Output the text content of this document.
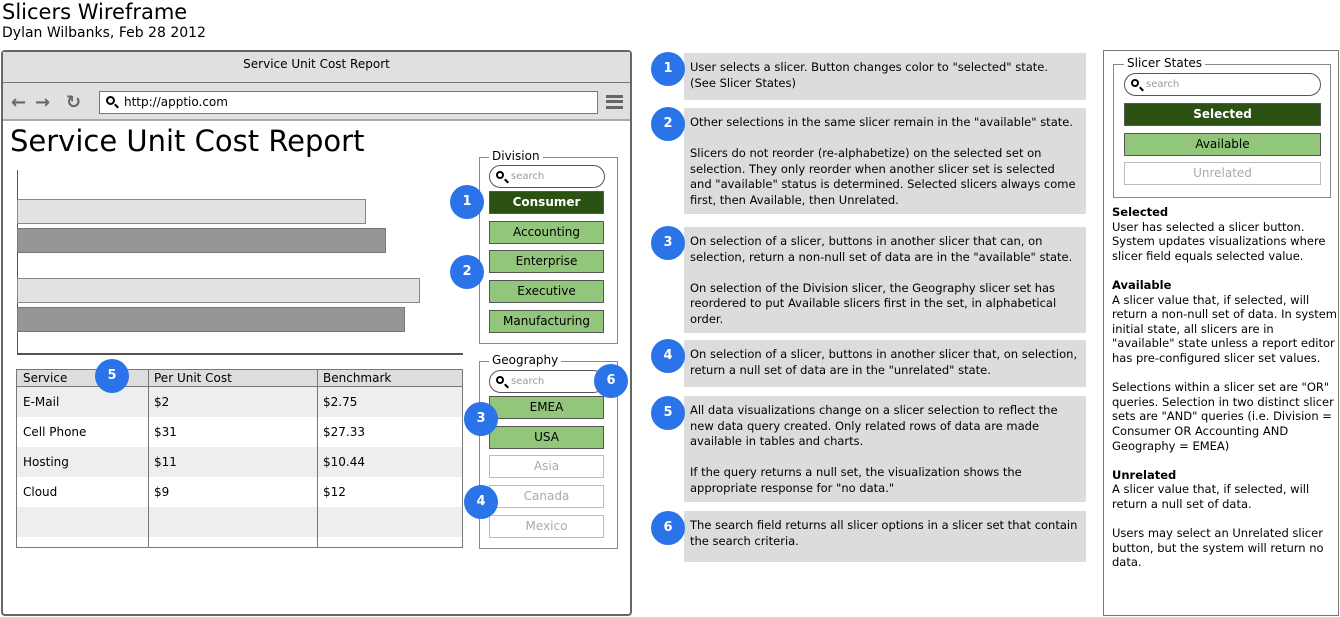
Slicers Wireframe
Dylan Wilbanks, Feb 28 2012
Service Unit Cost Report
← → ↻	http://apptio.com
Service Unit Cost Report
Service	Per Unit Cost	Benchmark
E-Mail	$2	$2.75
Cell Phone	$31	$27.33
Hosting	$11	$10.44
Cloud	$9	$12
Division
search
Consumer
Accounting
Enterprise
Executive
Manufacturing
Geography
search
EMEA
USA
Asia
Canada
Mexico
1
2
3
4
5	6
User selects a slicer. Button changes color to "selected" state.
(See Slicer States)
1
Other selections in the same slicer remain in the "available" state.

Slicers do not reorder (re-alphabetize) on the selected set on selection. They only reorder when another slicer set is selected and "available" status is determined. Selected slicers always come first, then Available, then Unrelated.
2
On selection of a slicer, buttons in another slicer that can, on selection, return a non-null set of data are in the "available" state.

On selection of the Division slicer, the Geography slicer set has reordered to put Available slicers first in the set, in alphabetical order.
3
On selection of a slicer, buttons in another slicer that, on selection, return a null set of data are in the "unrelated" state.
4
All data visualizations change on a slicer selection to reflect the new data query created. Only related rows of data are made available in tables and charts.

If the query returns a null set, the visualization shows the appropriate response for "no data."
5
The search field returns all slicer options in a slicer set that contain the search criteria.
6
Slicer States
search
Selected
Available
Unrelated
Selected

User has selected a slicer button. System updates visualizations where slicer field equals selected value.

Available

A slicer value that, if selected, will return a non-null set of data. In system initial state, all slicers are in "available" state unless a report editor has pre-configured slicer set values.

Selections within a slicer set are "OR" queries. Selection in two distinct slicer sets are "AND" queries (i.e. Division = Consumer OR Accounting AND Geography = EMEA)

Unrelated

A slicer value that, if selected, will return a null set of data.

Users may select an Unrelated slicer button, but the system will return no data.
